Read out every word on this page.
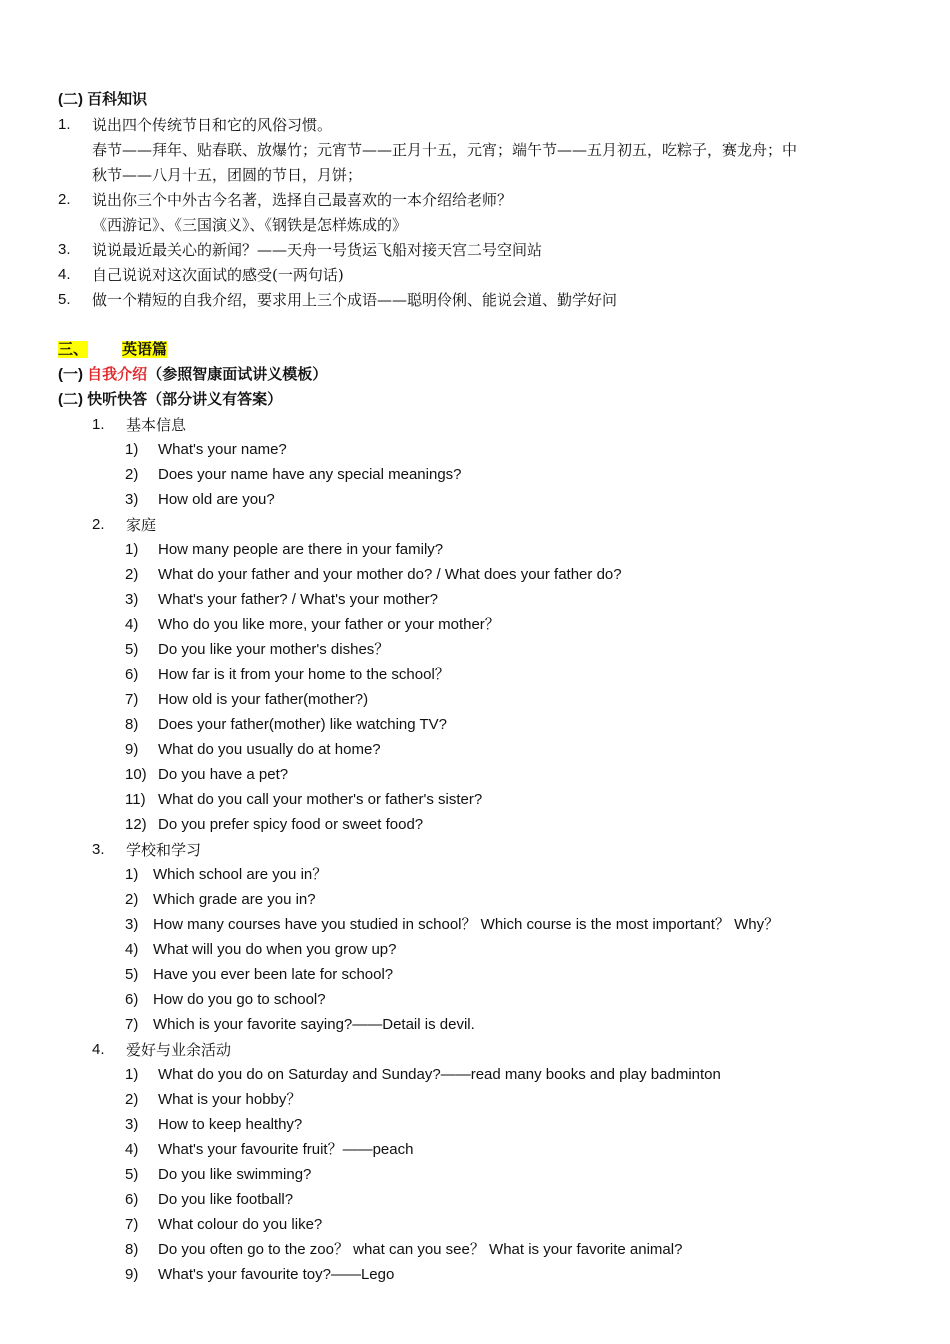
(二) 百科知识
1. 说出四个传统节日和它的风俗习惯。
春节——拜年、贴春联、放爆竹；元宵节——正月十五，元宵；端午节——五月初五，吃粽子，赛龙舟；中
秋节——八月十五，团圆的节日，月饼；
2. 说出你三个中外古今名著，选择自己最喜欢的一本介绍给老师？
《西游记》、《三国演义》、《钢铁是怎样炼成的》
3. 说说最近最关心的新闻？——天舟一号货运飞船对接天宫二号空间站
4. 自己说说对这次面试的感受(一两句话)
5. 做一个精短的自我介绍，要求用上三个成语——聪明伶俐、能说会道、勤学好问
三、 英语篇
(一) 自我介绍（参照智康面试讲义模板）
(二) 快听快答（部分讲义有答案）
1. 基本信息
1) What's your name?
2) Does your name have any special meanings?
3) How old are you?
2. 家庭
1) How many people are there in your family?
2) What do your father and your mother do? / What does your father do?
3) What's your father? / What's your mother?
4) Who do you like more, your father or your mother？
5) Do you like your mother's dishes？
6) How far is it from your home to the school？
7) How old is your father(mother?)
8) Does your father(mother) like watching TV?
9) What do you usually do at home?
10) Do you have a pet?
11) What do you call your mother's or father's sister?
12) Do you prefer spicy food or sweet food?
3. 学校和学习
1) Which school are you in？
2) Which grade are you in?
3) How many courses have you studied in school？ Which course is the most important？ Why？
4) What will you do when you grow up?
5) Have you ever been late for school?
6) How do you go to school?
7) Which is your favorite saying?——Detail is devil.
4. 爱好与业余活动
1) What do you do on Saturday and Sunday?——read many books and play badminton
2) What is your hobby？
3) How to keep healthy?
4) What's your favourite fruit？——peach
5) Do you like swimming?
6) Do you like football?
7) What colour do you like?
8) Do you often go to the zoo？ what can you see？ What is your favorite animal?
9) What's your favourite toy?——Lego
